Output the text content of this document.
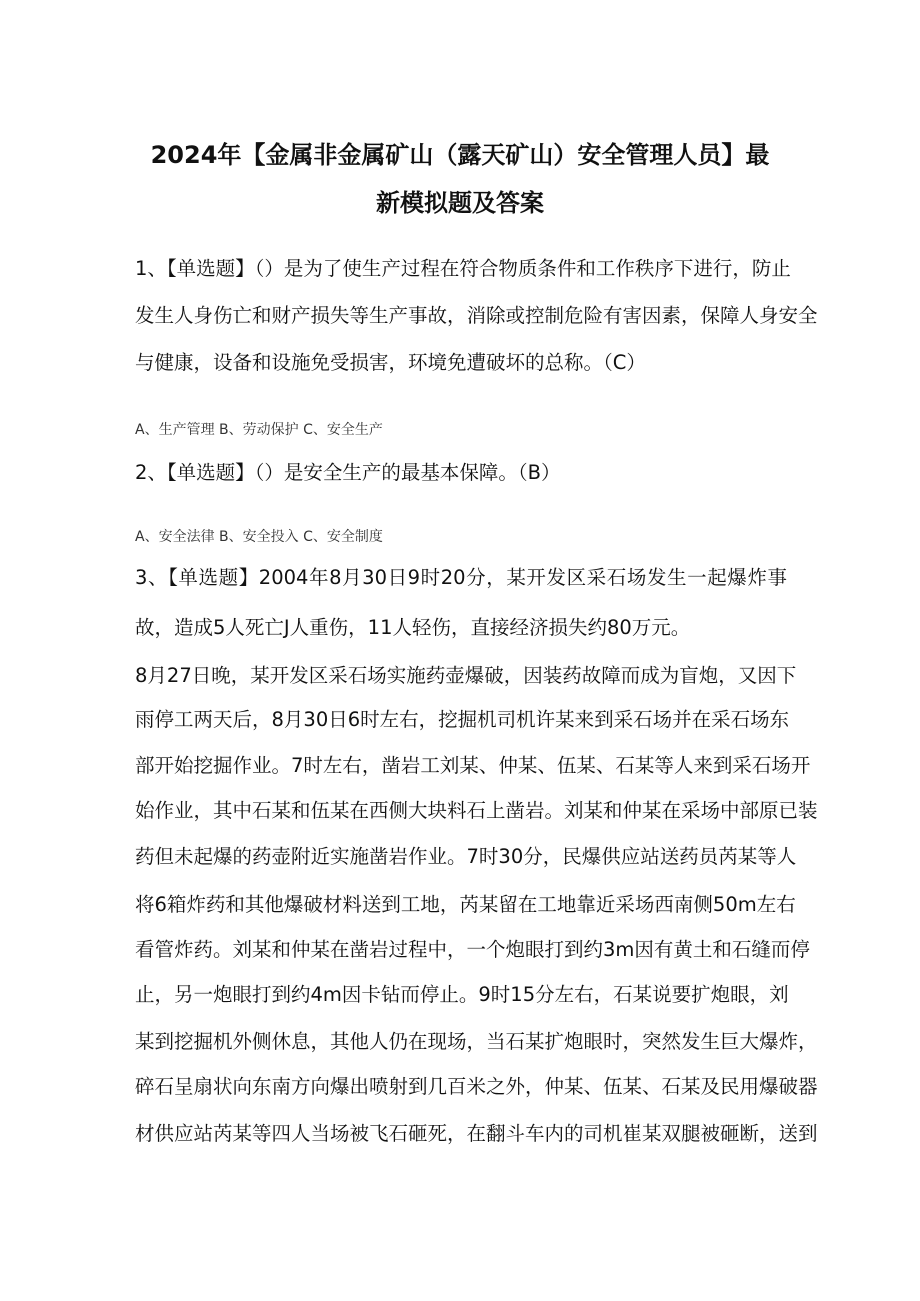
2024年【金属非金属矿山（露天矿山）安全管理人员】最
新模拟题及答案
1、【单选题】（）是为了使生产过程在符合物质条件和工作秩序下进行，防止
发生人身伤亡和财产损失等生产事故，消除或控制危险有害因素，保障人身安全
与健康，设备和设施免受损害，环境免遭破坏的总称。（C）
A、生产管理 B、劳动保护 C、安全生产
2、【单选题】（）是安全生产的最基本保障。（B）
A、安全法律 B、安全投入 C、安全制度
3、【单选题】2004年8月30日9时20分，某开发区采石场发生一起爆炸事
故，造成5人死亡J人重伤，11人轻伤，直接经济损失约80万元。
8月27日晚，某开发区采石场实施药壶爆破，因装药故障而成为盲炮，又因下
雨停工两天后，8月30日6时左右，挖掘机司机许某来到采石场并在采石场东
部开始挖掘作业。7时左右，凿岩工刘某、仲某、伍某、石某等人来到采石场开
始作业，其中石某和伍某在西侧大块料石上凿岩。刘某和仲某在采场中部原已装
药但未起爆的药壶附近实施凿岩作业。7时30分，民爆供应站送药员芮某等人
将6箱炸药和其他爆破材料送到工地，芮某留在工地靠近采场西南侧50m左右
看管炸药。刘某和仲某在凿岩过程中，一个炮眼打到约3m因有黄土和石缝而停
止，另一炮眼打到约4m因卡钻而停止。9时15分左右，石某说要扩炮眼，刘
某到挖掘机外侧休息，其他人仍在现场，当石某扩炮眼时，突然发生巨大爆炸，
碎石呈扇状向东南方向爆出喷射到几百米之外，仲某、伍某、石某及民用爆破器
材供应站芮某等四人当场被飞石砸死，在翻斗车内的司机崔某双腿被砸断，送到
